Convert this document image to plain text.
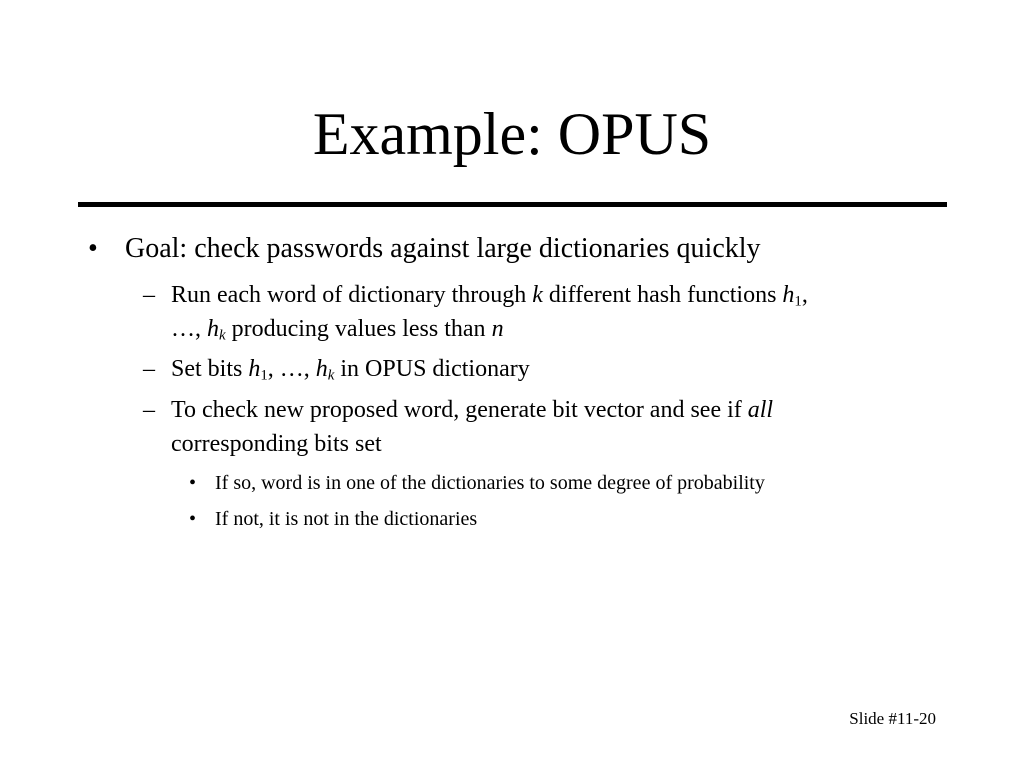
Example: OPUS
• Goal: check passwords against large dictionaries quickly
– Run each word of dictionary through k different hash functions $h_1$,
…, $h_k$ producing values less than n
– Set bits $h_1$, …, $h_k$ in OPUS dictionary
– To check new proposed word, generate bit vector and see if all
corresponding bits set
• If so, word is in one of the dictionaries to some degree of probability
• If not, it is not in the dictionaries
Slide #11-20
